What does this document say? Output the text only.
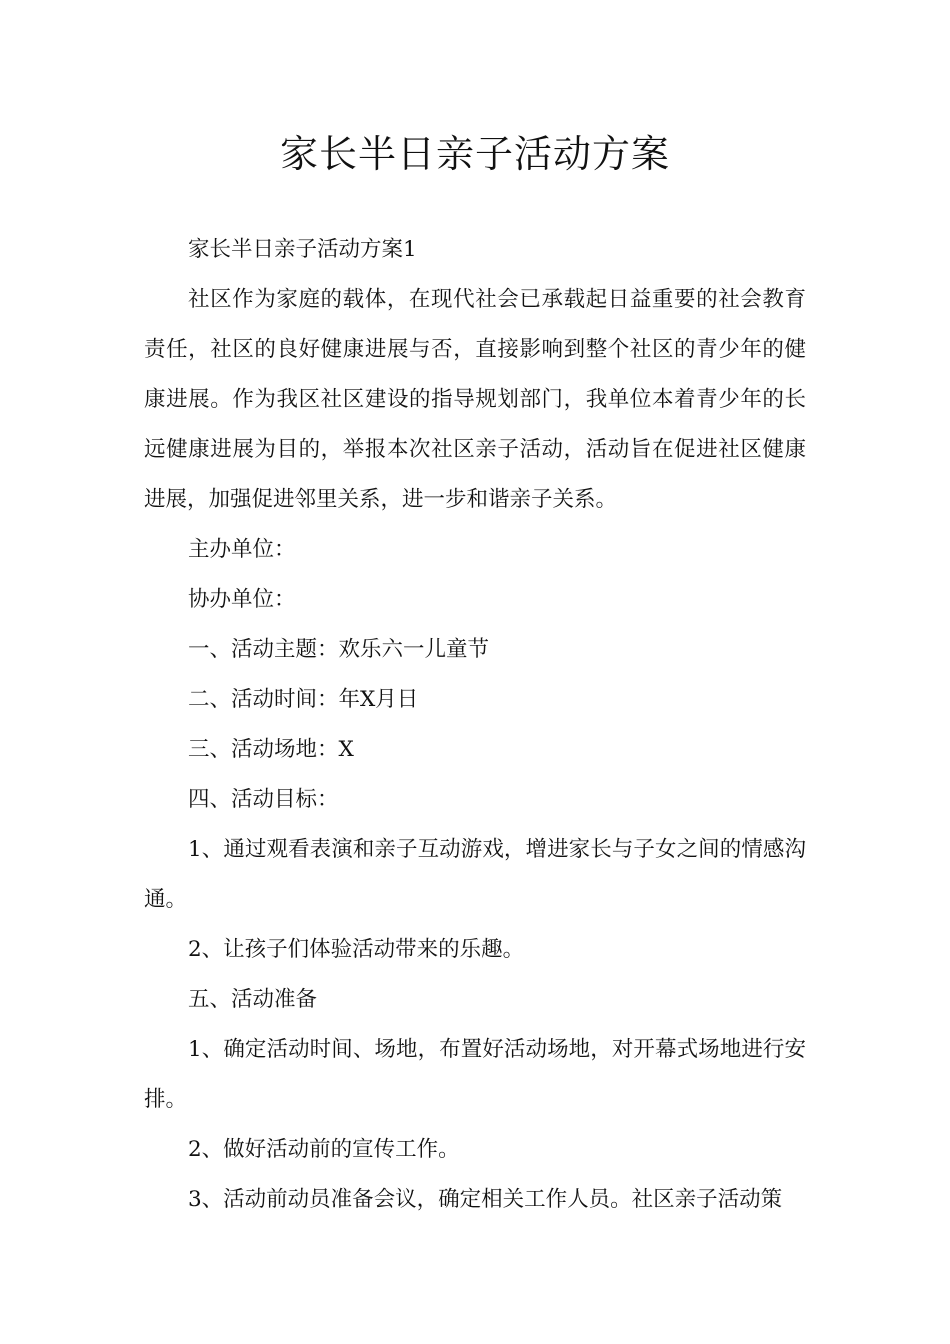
家长半日亲子活动方案

家长半日亲子活动方案1

社区作为家庭的载体，在现代社会已承载起日益重要的社会教育责任，社区的良好健康进展与否，直接影响到整个社区的青少年的健康进展。作为我区社区建设的指导规划部门，我单位本着青少年的长远健康进展为目的，举报本次社区亲子活动，活动旨在促进社区健康进展，加强促进邻里关系，进一步和谐亲子关系。

主办单位：

协办单位：

一、活动主题：欢乐六一儿童节

二、活动时间：年X月日

三、活动场地：X

四、活动目标：

1、通过观看表演和亲子互动游戏，增进家长与子女之间的情感沟通。

2、让孩子们体验活动带来的乐趣。

五、活动准备

1、确定活动时间、场地，布置好活动场地，对开幕式场地进行安排。

2、做好活动前的宣传工作。

3、活动前动员准备会议，确定相关工作人员。社区亲子活动策
